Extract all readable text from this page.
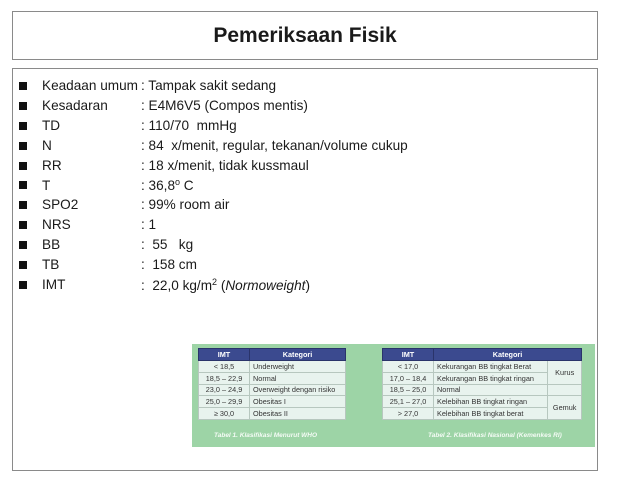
Pemeriksaan Fisik
Keadaan umum : Tampak sakit sedang
Kesadaran	: E4M6V5 (Compos mentis)
TD	: 110/70  mmHg
N	: 84  x/menit, regular, tekanan/volume cukup
RR	: 18 x/menit, tidak kussmaul
T	: 36,8$^o$ C
SPO2	: 99% room air
NRS	: 1
BB	:  55   kg
TB	:  158 cm
IMT	:  22,0 $kg/m^2$ (Normoweight)
IMT	Kategori
< 18,5	Underweight
18,5 – 22,9	Normal
23,0 – 24,9	Overweight dengan risiko
25,0 – 29,9	Obesitas I
≥ 30,0	Obesitas II
IMT	Kategori	
< 17,0	Kekurangan BB tingkat Berat	Kurus
17,0 – 18,4	Kekurangan BB tingkat ringan	
18,5 – 25,0	Normal	
25,1 – 27,0	Kelebihan BB tingkat ringan	Gemuk
> 27,0	Kelebihan BB tingkat berat	
Tabel 1. Klasifikasi Menurut WHO	Tabel 2. Klasifikasi Nasional (Kemenkes RI)
